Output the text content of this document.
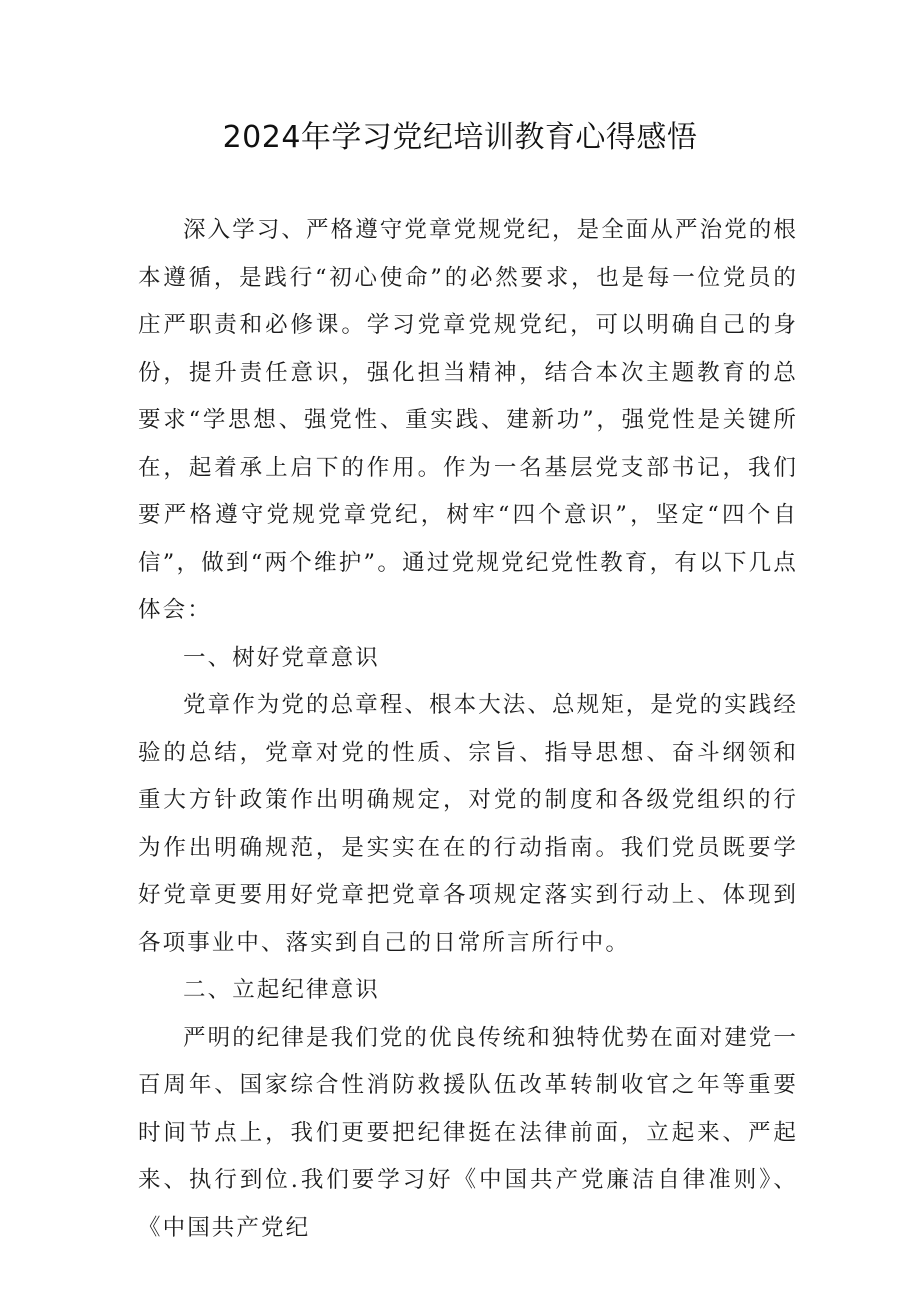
2024年学习党纪培训教育心得感悟

深入学习、严格遵守党章党规党纪，是全面从严治党的根本遵循，是践行“初心使命”的必然要求，也是每一位党员的庄严职责和必修课。学习党章党规党纪，可以明确自己的身份，提升责任意识，强化担当精神，结合本次主题教育的总要求“学思想、强党性、重实践、建新功”，强党性是关键所在，起着承上启下的作用。作为一名基层党支部书记，我们要严格遵守党规党章党纪，树牢“四个意识”，坚定“四个自信”，做到“两个维护”。通过党规党纪党性教育，有以下几点体会：

一、树好党章意识

党章作为党的总章程、根本大法、总规矩，是党的实践经验的总结，党章对党的性质、宗旨、指导思想、奋斗纲领和重大方针政策作出明确规定，对党的制度和各级党组织的行为作出明确规范，是实实在在的行动指南。我们党员既要学好党章更要用好党章把党章各项规定落实到行动上、体现到各项事业中、落实到自己的日常所言所行中。

二、立起纪律意识

严明的纪律是我们党的优良传统和独特优势在面对建党一百周年、国家综合性消防救援队伍改革转制收官之年等重要时间节点上，我们更要把纪律挺在法律前面，立起来、严起来、执行到位.我们要学习好《中国共产党廉洁自律准则》、《中国共产党纪
